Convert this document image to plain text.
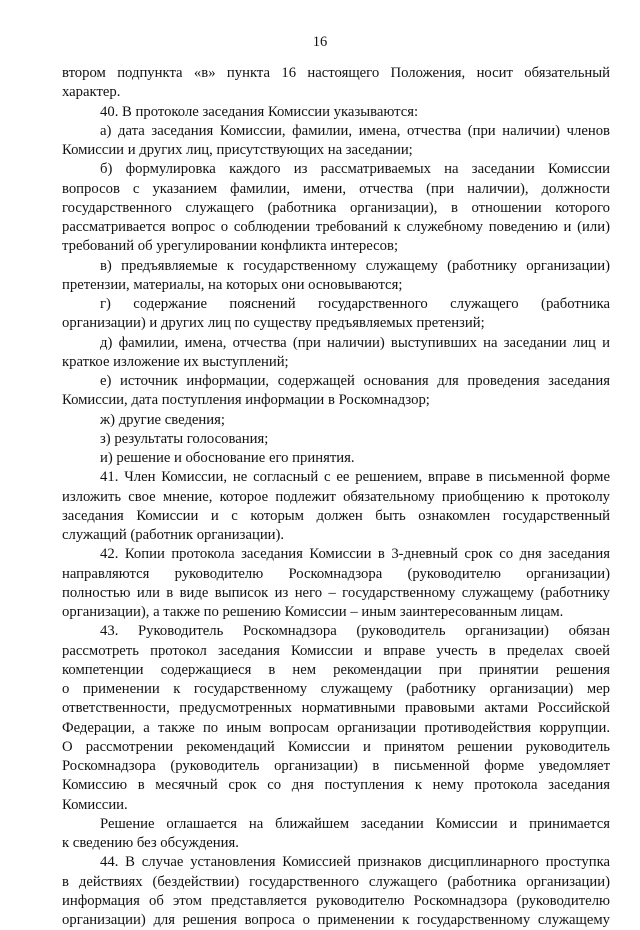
16
втором подпункта «в» пункта 16 настоящего Положения, носит обязательный
характер.
40. В протоколе заседания Комиссии указываются:
а) дата заседания Комиссии, фамилии, имена, отчества (при наличии) членов
Комиссии и других лиц, присутствующих на заседании;
б) формулировка каждого из рассматриваемых на заседании Комиссии
вопросов с указанием фамилии, имени, отчества (при наличии), должности
государственного служащего (работника организации), в отношении которого
рассматривается вопрос о соблюдении требований к служебному поведению и (или)
требований об урегулировании конфликта интересов;
в) предъявляемые к государственному служащему (работнику организации)
претензии, материалы, на которых они основываются;
г) содержание пояснений государственного служащего (работника
организации) и других лиц по существу предъявляемых претензий;
д) фамилии, имена, отчества (при наличии) выступивших на заседании лиц и
краткое изложение их выступлений;
е) источник информации, содержащей основания для проведения заседания
Комиссии, дата поступления информации в Роскомнадзор;
ж) другие сведения;
з) результаты голосования;
и) решение и обоснование его принятия.
41. Член Комиссии, не согласный с ее решением, вправе в письменной форме
изложить свое мнение, которое подлежит обязательному приобщению к протоколу
заседания Комиссии и с которым должен быть ознакомлен государственный
служащий (работник организации).
42. Копии протокола заседания Комиссии в 3-дневный срок со дня заседания
направляются руководителю Роскомнадзора (руководителю организации)
полностью или в виде выписок из него – государственному служащему (работнику
организации), а также по решению Комиссии – иным заинтересованным лицам.
43. Руководитель Роскомнадзора (руководитель организации) обязан
рассмотреть протокол заседания Комиссии и вправе учесть в пределах своей
компетенции содержащиеся в нем рекомендации при принятии решения
о применении к государственному служащему (работнику организации) мер
ответственности, предусмотренных нормативными правовыми актами Российской
Федерации, а также по иным вопросам организации противодействия коррупции.
О рассмотрении рекомендаций Комиссии и принятом решении руководитель
Роскомнадзора (руководитель организации) в письменной форме уведомляет
Комиссию в месячный срок со дня поступления к нему протокола заседания
Комиссии.
Решение оглашается на ближайшем заседании Комиссии и принимается
к сведению без обсуждения.
44. В случае установления Комиссией признаков дисциплинарного проступка
в действиях (бездействии) государственного служащего (работника организации)
информация об этом представляется руководителю Роскомнадзора (руководителю
организации) для решения вопроса о применении к государственному служащему
